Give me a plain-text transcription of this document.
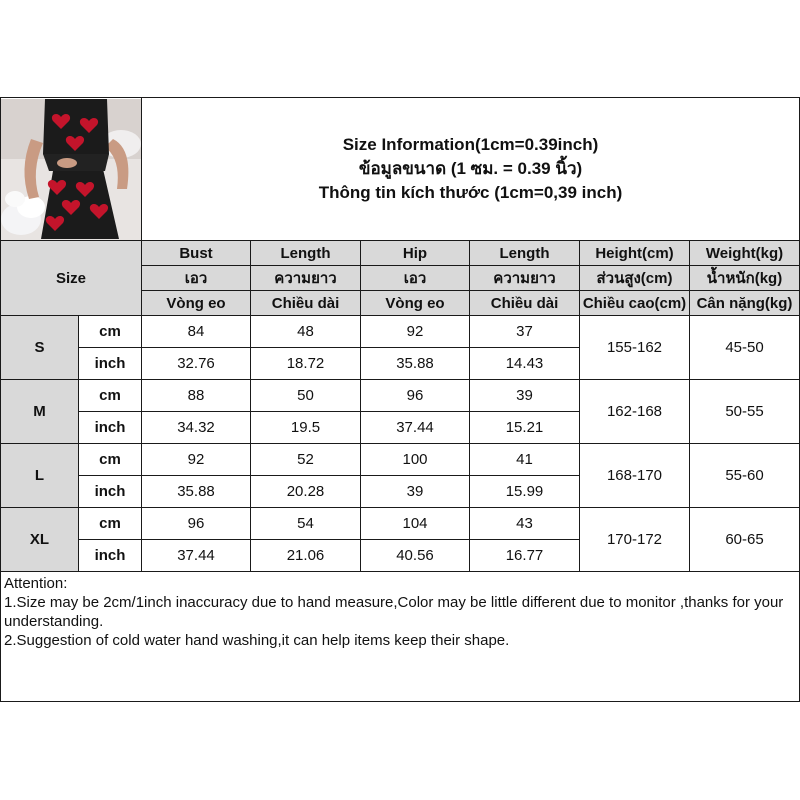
Size Information(1cm=0.39inch)
ข้อมูลขนาด (1 ซม. = 0.39 นิ้ว)
Thông tin kích thước (1cm=0,39 inch)					

Size		Bust	Length	Hip	Length	Height(cm)	Weight(kg)
		เอว	ความยาว	เอว	ความยาว	ส่วนสูง(cm)	น้ำหนัก(kg)
		Vòng eo	Chiều dài	Vòng eo	Chiều dài	Chiều cao(cm)	Cân nặng(kg)
S	cm	84	48	92	37	155-162	45-50
	inch	32.76	18.72	35.88	14.43		
M	cm	88	50	96	39	162-168	50-55
	inch	34.32	19.5	37.44	15.21		
L	cm	92	52	100	41	168-170	55-60
	inch	35.88	20.28	39	15.99		
XL	cm	96	54	104	43	170-172	60-65
	inch	37.44	21.06	40.56	16.77		

Attention:
1.Size may be 2cm/1inch inaccuracy due to hand measure,Color may be little different due to monitor ,thanks for your understanding.
2.Suggestion of cold water hand washing,it can help items keep their shape.							
